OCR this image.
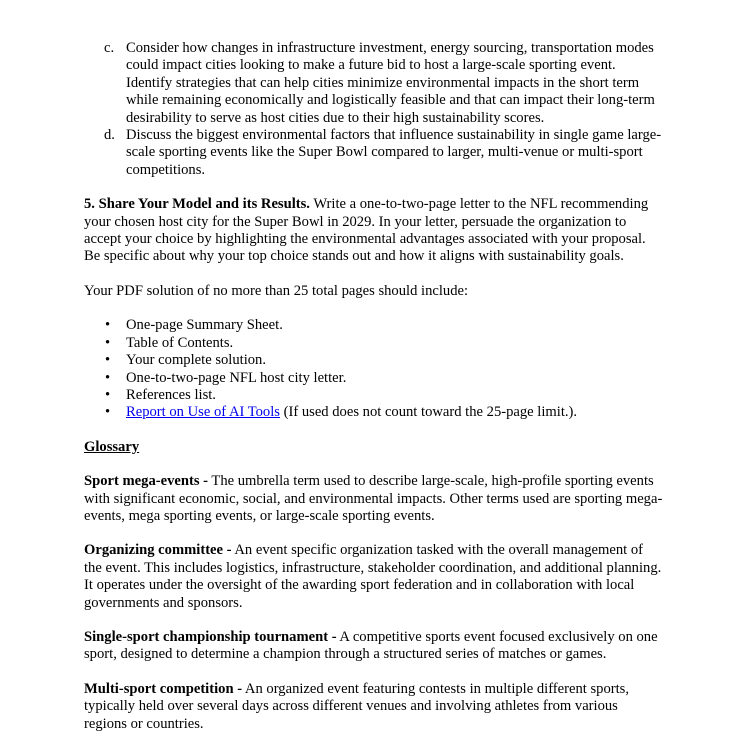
c. Consider how changes in infrastructure investment, energy sourcing, transportation modes could impact cities looking to make a future bid to host a large-scale sporting event. Identify strategies that can help cities minimize environmental impacts in the short term while remaining economically and logistically feasible and that can impact their long-term desirability to serve as host cities due to their high sustainability scores.
d. Discuss the biggest environmental factors that influence sustainability in single game large-scale sporting events like the Super Bowl compared to larger, multi-venue or multi-sport competitions.

5. Share Your Model and its Results. Write a one-to-two-page letter to the NFL recommending your chosen host city for the Super Bowl in 2029. In your letter, persuade the organization to accept your choice by highlighting the environmental advantages associated with your proposal. Be specific about why your top choice stands out and how it aligns with sustainability goals.

Your PDF solution of no more than 25 total pages should include:

• One-page Summary Sheet.
• Table of Contents.
• Your complete solution.
• One-to-two-page NFL host city letter.
• References list.
• Report on Use of AI Tools (If used does not count toward the 25-page limit.).

Glossary

Sport mega-events - The umbrella term used to describe large-scale, high-profile sporting events with significant economic, social, and environmental impacts. Other terms used are sporting mega-events, mega sporting events, or large-scale sporting events.

Organizing committee - An event specific organization tasked with the overall management of the event. This includes logistics, infrastructure, stakeholder coordination, and additional planning. It operates under the oversight of the awarding sport federation and in collaboration with local governments and sponsors.

Single-sport championship tournament - A competitive sports event focused exclusively on one sport, designed to determine a champion through a structured series of matches or games.

Multi-sport competition - An organized event featuring contests in multiple different sports, typically held over several days across different venues and involving athletes from various regions or countries.
